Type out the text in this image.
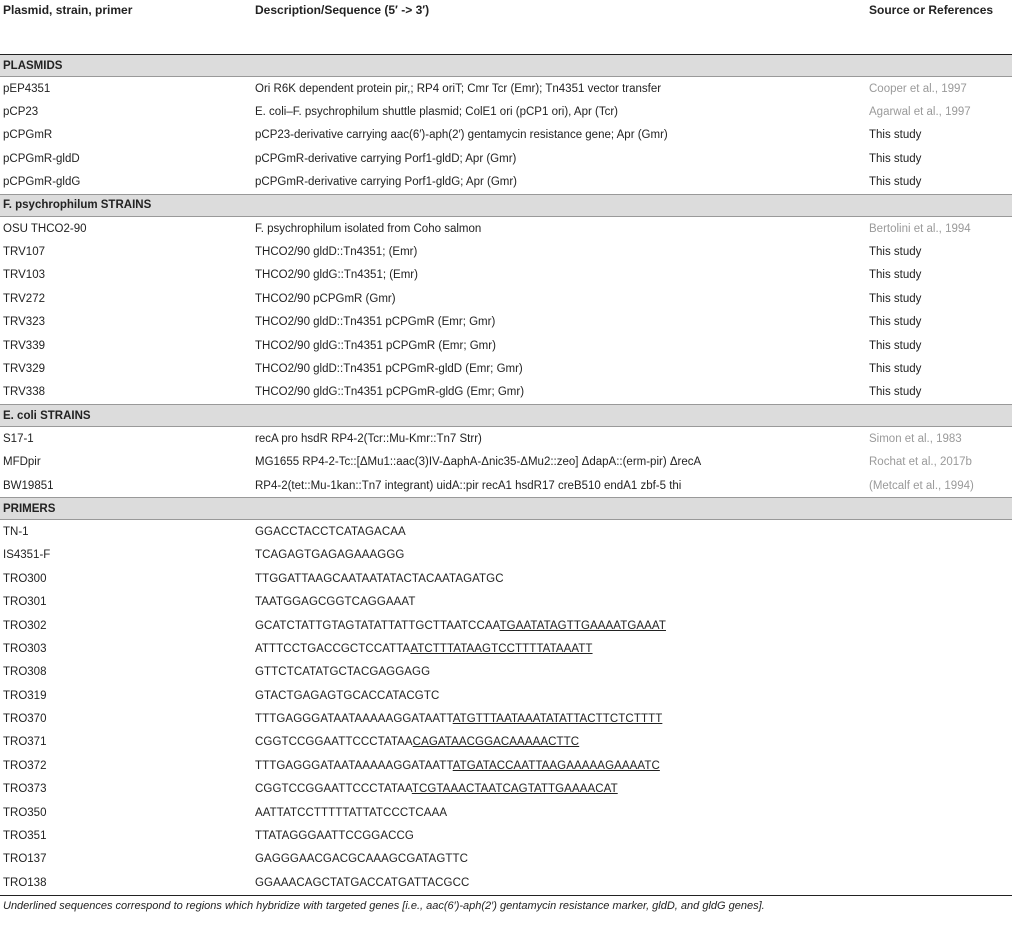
Plasmid, strain, primer	Description/Sequence (5′ -> 3′)	Source or References
PLASMIDS		
pEP4351	Ori R6K dependent protein pir,; RP4 oriT; Cmr Tcr (Emr); Tn4351 vector transfer	Cooper et al., 1997
pCP23	E. coli–F. psychrophilum shuttle plasmid; ColE1 ori (pCP1 ori), Apr (Tcr)	Agarwal et al., 1997
pCPGmR	pCP23-derivative carrying aac(6′)-aph(2′) gentamycin resistance gene; Apr (Gmr)	This study
pCPGmR-gldD	pCPGmR-derivative carrying Porf1-gldD; Apr (Gmr)	This study
pCPGmR-gldG	pCPGmR-derivative carrying Porf1-gldG; Apr (Gmr)	This study
F. psychrophilum STRAINS		
OSU THCO2-90	F. psychrophilum isolated from Coho salmon	Bertolini et al., 1994
TRV107	THCO2/90 gldD::Tn4351; (Emr)	This study
TRV103	THCO2/90 gldG::Tn4351; (Emr)	This study
TRV272	THCO2/90 pCPGmR (Gmr)	This study
TRV323	THCO2/90 gldD::Tn4351 pCPGmR (Emr; Gmr)	This study
TRV339	THCO2/90 gldG::Tn4351 pCPGmR (Emr; Gmr)	This study
TRV329	THCO2/90 gldD::Tn4351 pCPGmR-gldD (Emr; Gmr)	This study
TRV338	THCO2/90 gldG::Tn4351 pCPGmR-gldG (Emr; Gmr)	This study
E. coli STRAINS		
S17-1	recA pro hsdR RP4-2(Tcr::Mu-Kmr::Tn7 Strr)	Simon et al., 1983
MFDpir	MG1655 RP4-2-Tc::[ΔMu1::aac(3)IV-ΔaphA-Δnic35-ΔMu2::zeo] ΔdapA::(erm-pir) ΔrecA	Rochat et al., 2017b
BW19851	RP4-2(tet::Mu-1kan::Tn7 integrant) uidA::pir recA1 hsdR17 creB510 endA1 zbf-5 thi	(Metcalf et al., 1994)
PRIMERS		
TN-1	GGACCTACCTCATAGACAA	
IS4351-F	TCAGAGTGAGAGAAAGGG	
TRO300	TTGGATTAAGCAATAATATACTACAATAGATGC	
TRO301	TAATGGAGCGGTCAGGAAAT	
TRO302	GCATCTATTGTAGTATATTATTGCTTAATCCAATGAATATAGTTGAAAATGAAAT	
TRO303	ATTTCCTGACCGCTCCATTAATCTTTATAAGTCCTTTTATAAATT	
TRO308	GTTCTCATATGCTACGAGGAGG	
TRO319	GTACTGAGAGTGCACCATACGTC	
TRO370	TTTGAGGGATAATAAAAAGGATAATTATGTTTAATAAATATATTACTTCTCTTTT	
TRO371	CGGTCCGGAATTCCCTATAACAGATAACGGACAAAAACTTC	
TRO372	TTTGAGGGATAATAAAAAGGATAATTATGATACCAATTAAGAAAAAGAAAATC	
TRO373	CGGTCCGGAATTCCCTATAATCGTAAACTAATCAGTATTGAAAACAT	
TRO350	AATTATCCTTTTTATTATCCCTCAAA	
TRO351	TTATAGGGAATTCCGGACCG	
TRO137	GAGGGAACGACGCAAAGCGATAGTTC	
TRO138	GGAAACAGCTATGACCATGATTACGCC	
Underlined sequences correspond to regions which hybridize with targeted genes [i.e., aac(6′)-aph(2′) gentamycin resistance marker, gldD, and gldG genes].
